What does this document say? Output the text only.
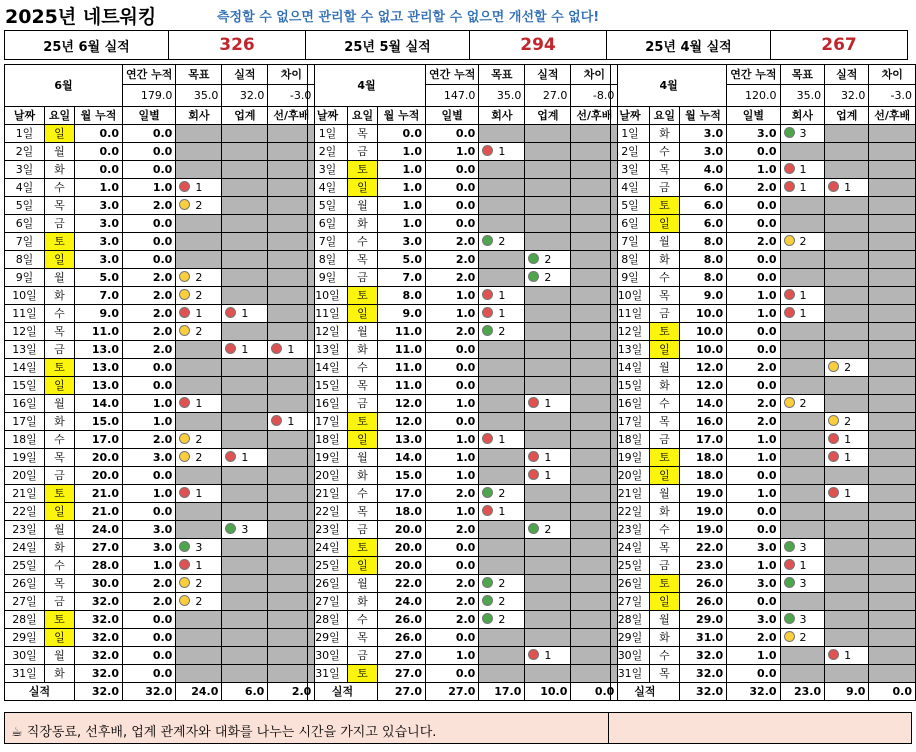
2025년 네트워킹	측정할 수 없으면 관리할 수 없고 관리할 수 없으면 개선할 수 없다!
25년 6월 실적	326	25년 5월 실적	294	25년 4월 실적	267
6월			연간 누적	목표	실적	차이
			179.0	35.0	32.0	-3.0
날짜	요일	월 누적	일별	회사	업계	선/후배
1일	일	0.0	0.0			
2일	월	0.0	0.0			
3일	화	0.0	0.0			
4일	수	1.0	1.0	1		
5일	목	3.0	2.0	2		
6일	금	3.0	0.0			
7일	토	3.0	0.0			
8일	일	3.0	0.0			
9일	월	5.0	2.0	2		
10일	화	7.0	2.0	2		
11일	수	9.0	2.0	1	1	
12일	목	11.0	2.0	2		
13일	금	13.0	2.0		1	1
14일	토	13.0	0.0			
15일	일	13.0	0.0			
16일	월	14.0	1.0	1		
17일	화	15.0	1.0			1
18일	수	17.0	2.0	2		
19일	목	20.0	3.0	2	1	
20일	금	20.0	0.0			
21일	토	21.0	1.0	1		
22일	일	21.0	0.0			
23일	월	24.0	3.0		3	
24일	화	27.0	3.0	3		
25일	수	28.0	1.0	1		
26일	목	30.0	2.0	2		
27일	금	32.0	2.0	2		
28일	토	32.0	0.0			
29일	일	32.0	0.0			
30일	월	32.0	0.0			
31일	화	32.0	0.0			
실적		32.0	32.0	24.0	6.0	2.0
4월			연간 누적	목표	실적	차이
			147.0	35.0	27.0	-8.0
날짜	요일	월 누적	일별	회사	업계	선/후배
1일	목	0.0	0.0			
2일	금	1.0	1.0	1		
3일	토	1.0	0.0			
4일	일	1.0	0.0			
5일	월	1.0	0.0			
6일	화	1.0	0.0			
7일	수	3.0	2.0	2		
8일	목	5.0	2.0		2	
9일	금	7.0	2.0		2	
10일	토	8.0	1.0	1		
11일	일	9.0	1.0	1		
12일	월	11.0	2.0	2		
13일	화	11.0	0.0			
14일	수	11.0	0.0			
15일	목	11.0	0.0			
16일	금	12.0	1.0		1	
17일	토	12.0	0.0			
18일	일	13.0	1.0	1		
19일	월	14.0	1.0		1	
20일	화	15.0	1.0		1	
21일	수	17.0	2.0	2		
22일	목	18.0	1.0	1		
23일	금	20.0	2.0		2	
24일	토	20.0	0.0			
25일	일	20.0	0.0			
26일	월	22.0	2.0	2		
27일	화	24.0	2.0	2		
28일	수	26.0	2.0	2		
29일	목	26.0	0.0			
30일	금	27.0	1.0		1	
31일	토	27.0	0.0			
실적		27.0	27.0	17.0	10.0	0.0
4월			연간 누적	목표	실적	차이
			120.0	35.0	32.0	-3.0
날짜	요일	월 누적	일별	회사	업계	선/후배
1일	화	3.0	3.0	3		
2일	수	3.0	0.0			
3일	목	4.0	1.0	1		
4일	금	6.0	2.0	1	1	
5일	토	6.0	0.0			
6일	일	6.0	0.0			
7일	월	8.0	2.0	2		
8일	화	8.0	0.0			
9일	수	8.0	0.0			
10일	목	9.0	1.0	1		
11일	금	10.0	1.0	1		
12일	토	10.0	0.0			
13일	일	10.0	0.0			
14일	월	12.0	2.0		2	
15일	화	12.0	0.0			
16일	수	14.0	2.0	2		
17일	목	16.0	2.0		2	
18일	금	17.0	1.0		1	
19일	토	18.0	1.0		1	
20일	일	18.0	0.0			
21일	월	19.0	1.0		1	
22일	화	19.0	0.0			
23일	수	19.0	0.0			
24일	목	22.0	3.0	3		
25일	금	23.0	1.0	1		
26일	토	26.0	3.0	3		
27일	일	26.0	0.0			
28일	월	29.0	3.0	3		
29일	화	31.0	2.0	2		
30일	수	32.0	1.0		1	
31일	목	32.0	0.0			
실적		32.0	32.0	23.0	9.0	0.0
☕ 직장동료, 선후배, 업계 관계자와 대화를 나누는 시간을 가지고 있습니다.
